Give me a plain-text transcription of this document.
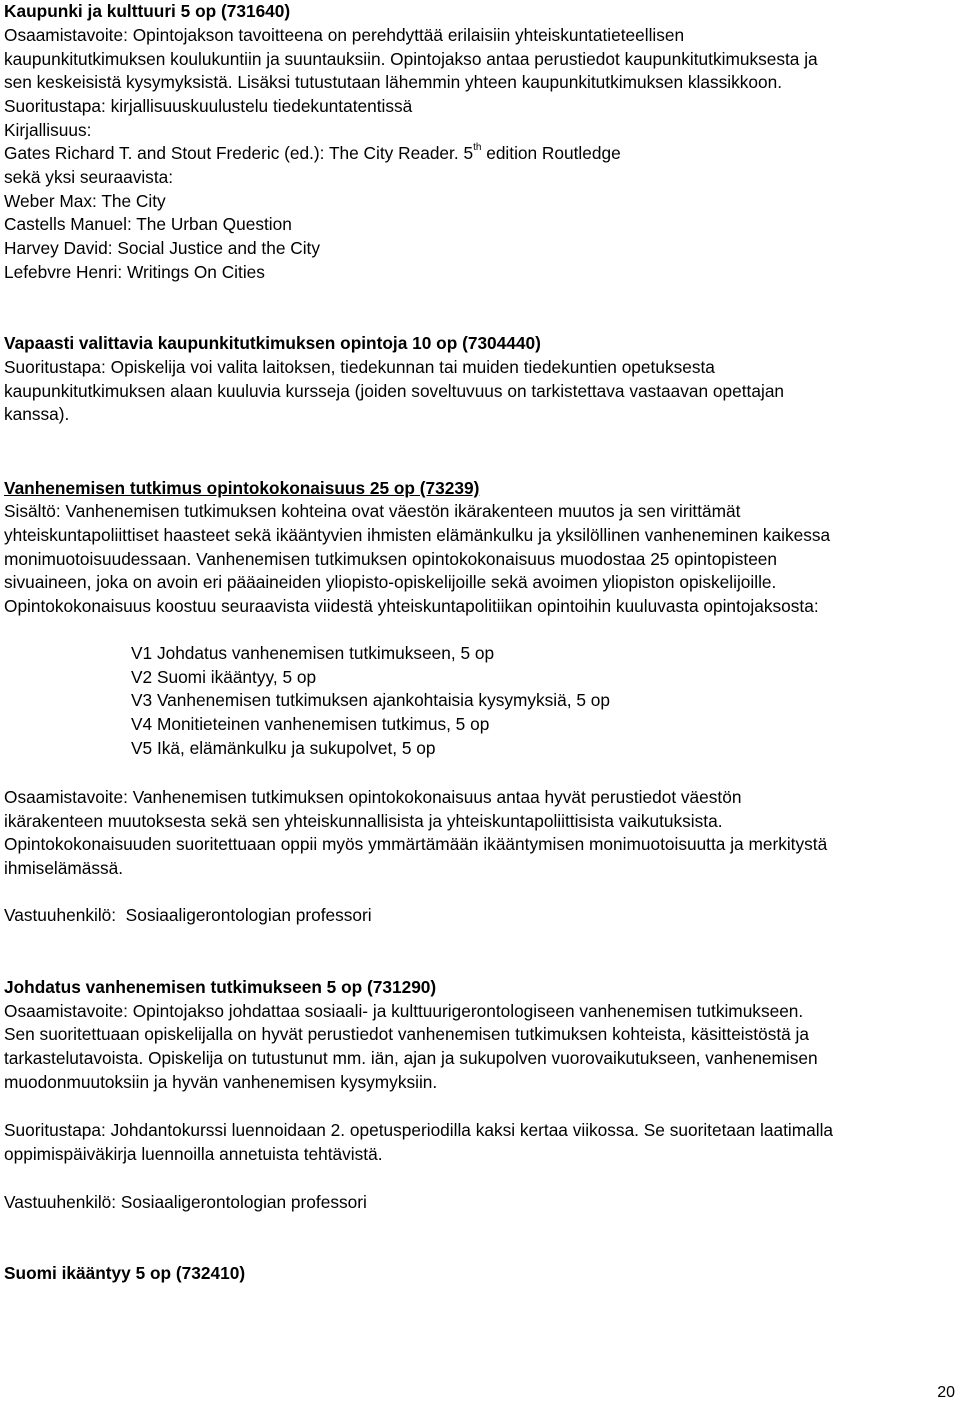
Kaupunki ja kulttuuri 5 op (731640)

Osaamistavoite: Opintojakson tavoitteena on perehdyttää erilaisiin yhteiskuntatieteellisen

kaupunkitutkimuksen koulukuntiin ja suuntauksiin. Opintojakso antaa perustiedot kaupunkitutkimuksesta ja

sen keskeisistä kysymyksistä. Lisäksi tutustutaan lähemmin yhteen kaupunkitutkimuksen klassikkoon.

Suoritustapa: kirjallisuuskuulustelu tiedekuntatentissä

Kirjallisuus:

Gates Richard T. and Stout Frederic (ed.): The City Reader. 5th edition Routledge

sekä yksi seuraavista:

Weber Max: The City

Castells Manuel: The Urban Question

Harvey David: Social Justice and the City

Lefebvre Henri: Writings On Cities

Vapaasti valittavia kaupunkitutkimuksen opintoja 10 op (7304440)

Suoritustapa: Opiskelija voi valita laitoksen, tiedekunnan tai muiden tiedekuntien opetuksesta

kaupunkitutkimuksen alaan kuuluvia kursseja (joiden soveltuvuus on tarkistettava vastaavan opettajan

kanssa).

Vanhenemisen tutkimus opintokokonaisuus 25 op (73239)

Sisältö: Vanhenemisen tutkimuksen kohteina ovat väestön ikärakenteen muutos ja sen virittämät

yhteiskuntapoliittiset haasteet sekä ikääntyvien ihmisten elämänkulku ja yksilöllinen vanheneminen kaikessa

monimuotoisuudessaan. Vanhenemisen tutkimuksen opintokokonaisuus muodostaa 25 opintopisteen

sivuaineen, joka on avoin eri pääaineiden yliopisto-opiskelijoille sekä avoimen yliopiston opiskelijoille.

Opintokokonaisuus koostuu seuraavista viidestä yhteiskuntapolitiikan opintoihin kuuluvasta opintojaksosta:

V1 Johdatus vanhenemisen tutkimukseen, 5 op

V2 Suomi ikääntyy, 5 op

V3 Vanhenemisen tutkimuksen ajankohtaisia kysymyksiä, 5 op

V4 Monitieteinen vanhenemisen tutkimus, 5 op

V5 Ikä, elämänkulku ja sukupolvet, 5 op

Osaamistavoite: Vanhenemisen tutkimuksen opintokokonaisuus antaa hyvät perustiedot väestön

ikärakenteen muutoksesta sekä sen yhteiskunnallisista ja yhteiskuntapoliittisista vaikutuksista.

Opintokokonaisuuden suoritettuaan oppii myös ymmärtämään ikääntymisen monimuotoisuutta ja merkitystä

ihmiselämässä.

Vastuuhenkilö:  Sosiaaligerontologian professori

Johdatus vanhenemisen tutkimukseen 5 op (731290)

Osaamistavoite: Opintojakso johdattaa sosiaali- ja kulttuurigerontologiseen vanhenemisen tutkimukseen.

Sen suoritettuaan opiskelijalla on hyvät perustiedot vanhenemisen tutkimuksen kohteista, käsitteistöstä ja

tarkastelutavoista. Opiskelija on tutustunut mm. iän, ajan ja sukupolven vuorovaikutukseen, vanhenemisen

muodonmuutoksiin ja hyvän vanhenemisen kysymyksiin.

Suoritustapa: Johdantokurssi luennoidaan 2. opetusperiodilla kaksi kertaa viikossa. Se suoritetaan laatimalla

oppimispäiväkirja luennoilla annetuista tehtävistä.

Vastuuhenkilö: Sosiaaligerontologian professori

Suomi ikääntyy 5 op (732410)

20
